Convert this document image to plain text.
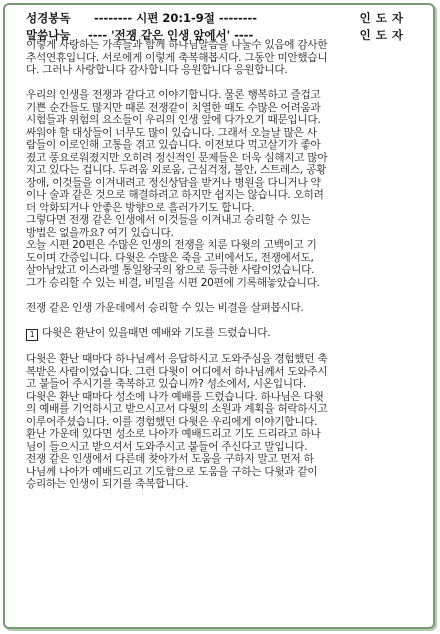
성경봉독 -------- 시편 20:1-9절 --------	인도자
말씀나눔 ---- '전쟁 같은 인생 앞에서' ----	인도자
이렇게 사랑하는 가족들과 함께 하나님말씀을 나눌수 있음에 감사한
추석연휴입니다. 서로에게 이렇게 축복해봅시다. 그동안 미안했습니
다. 그러나 사랑합니다 감사합니다 응원합니다 응원합니다.
우리의 인생을 전쟁과 같다고 이야기합니다. 물론 행복하고 즐겁고
기쁜 순간들도 많지만 때론 전쟁같이 치열한 때도 수많은 어려움과
시험들과 위험의 요소들이 우리의 인생 앞에 다가오기 때문입니다.
싸워야 할 대상들이 너무도 많이 있습니다. 그래서 오늘날 많은 사
람들이 이로인해 고통을 겪고 있습니다. 이전보다 먹고살기가 좋아
졌고 풍요로워졌지만 오히려 정신적인 문제들은 더욱 심해지고 많아
지고 있다는 겁니다. 두려움 외로움, 근심걱정, 불안, 스트레스, 공황
장애, 이것들을 이겨내려고 정신상담을 받거나 병원을 다니거나 약
이나 술과 같은 것으로 해결하려고 하지만 쉽지는 않습니다. 오히려
더 악화되거나 안좋은 방향으로 흘러가기도 합니다.
그렇다면 전쟁 같은 인생에서 이것들을 이겨내고 승리할 수 있는
방법은 없을까요? 여기 있습니다.
오늘 시편 20편은 수많은 인생의 전쟁을 치룬 다윗의 고백이고 기
도이며 간증입니다. 다윗은 수많은 죽을 고비에서도, 전쟁에서도,
살아남았고 이스라엘 통일왕국의 왕으로 등극한 사람이었습니다.
그가 승리할 수 있는 비결, 비밀을 시편 20편에 기록해놓았습니다.
전쟁 같은 인생 가운데에서 승리할 수 있는 비결을 살펴봅시다.
1 다윗은 환난이 있을때면 예배와 기도를 드렸습니다.
다윗은 환난 때마다 하나님께서 응답하시고 도와주심을 경험했던 축
복받은 사람이었습니다. 그런 다윗이 어디에서 하나님께서 도와주시
고 붙들어 주시기를 축복하고 있습니까? 성소에서, 시온입니다.
다윗은 환난 때마다 성소에 나가 예배를 드렸습니다. 하나님은 다윗
의 예배를 기억하시고 받으시고서 다윗의 소원과 계획을 허락하시고
이루어주셨습니다. 이를 경험했던 다윗은 우리에게 이야기합니다.
환난 가운데 있다면 성소로 나아가 예배드리고 기도 드리라고 하나
님이 들으시고 받으셔서 도와주시고 붙들어 주신다고 말입니다.
전쟁 같은 인생에서 다른데 찾아가서 도움을 구하지 말고 먼저 하
나님께 나아가 예배드리고 기도함으로 도움을 구하는 다윗과 같이
승리하는 인생이 되기를 축복합니다.
